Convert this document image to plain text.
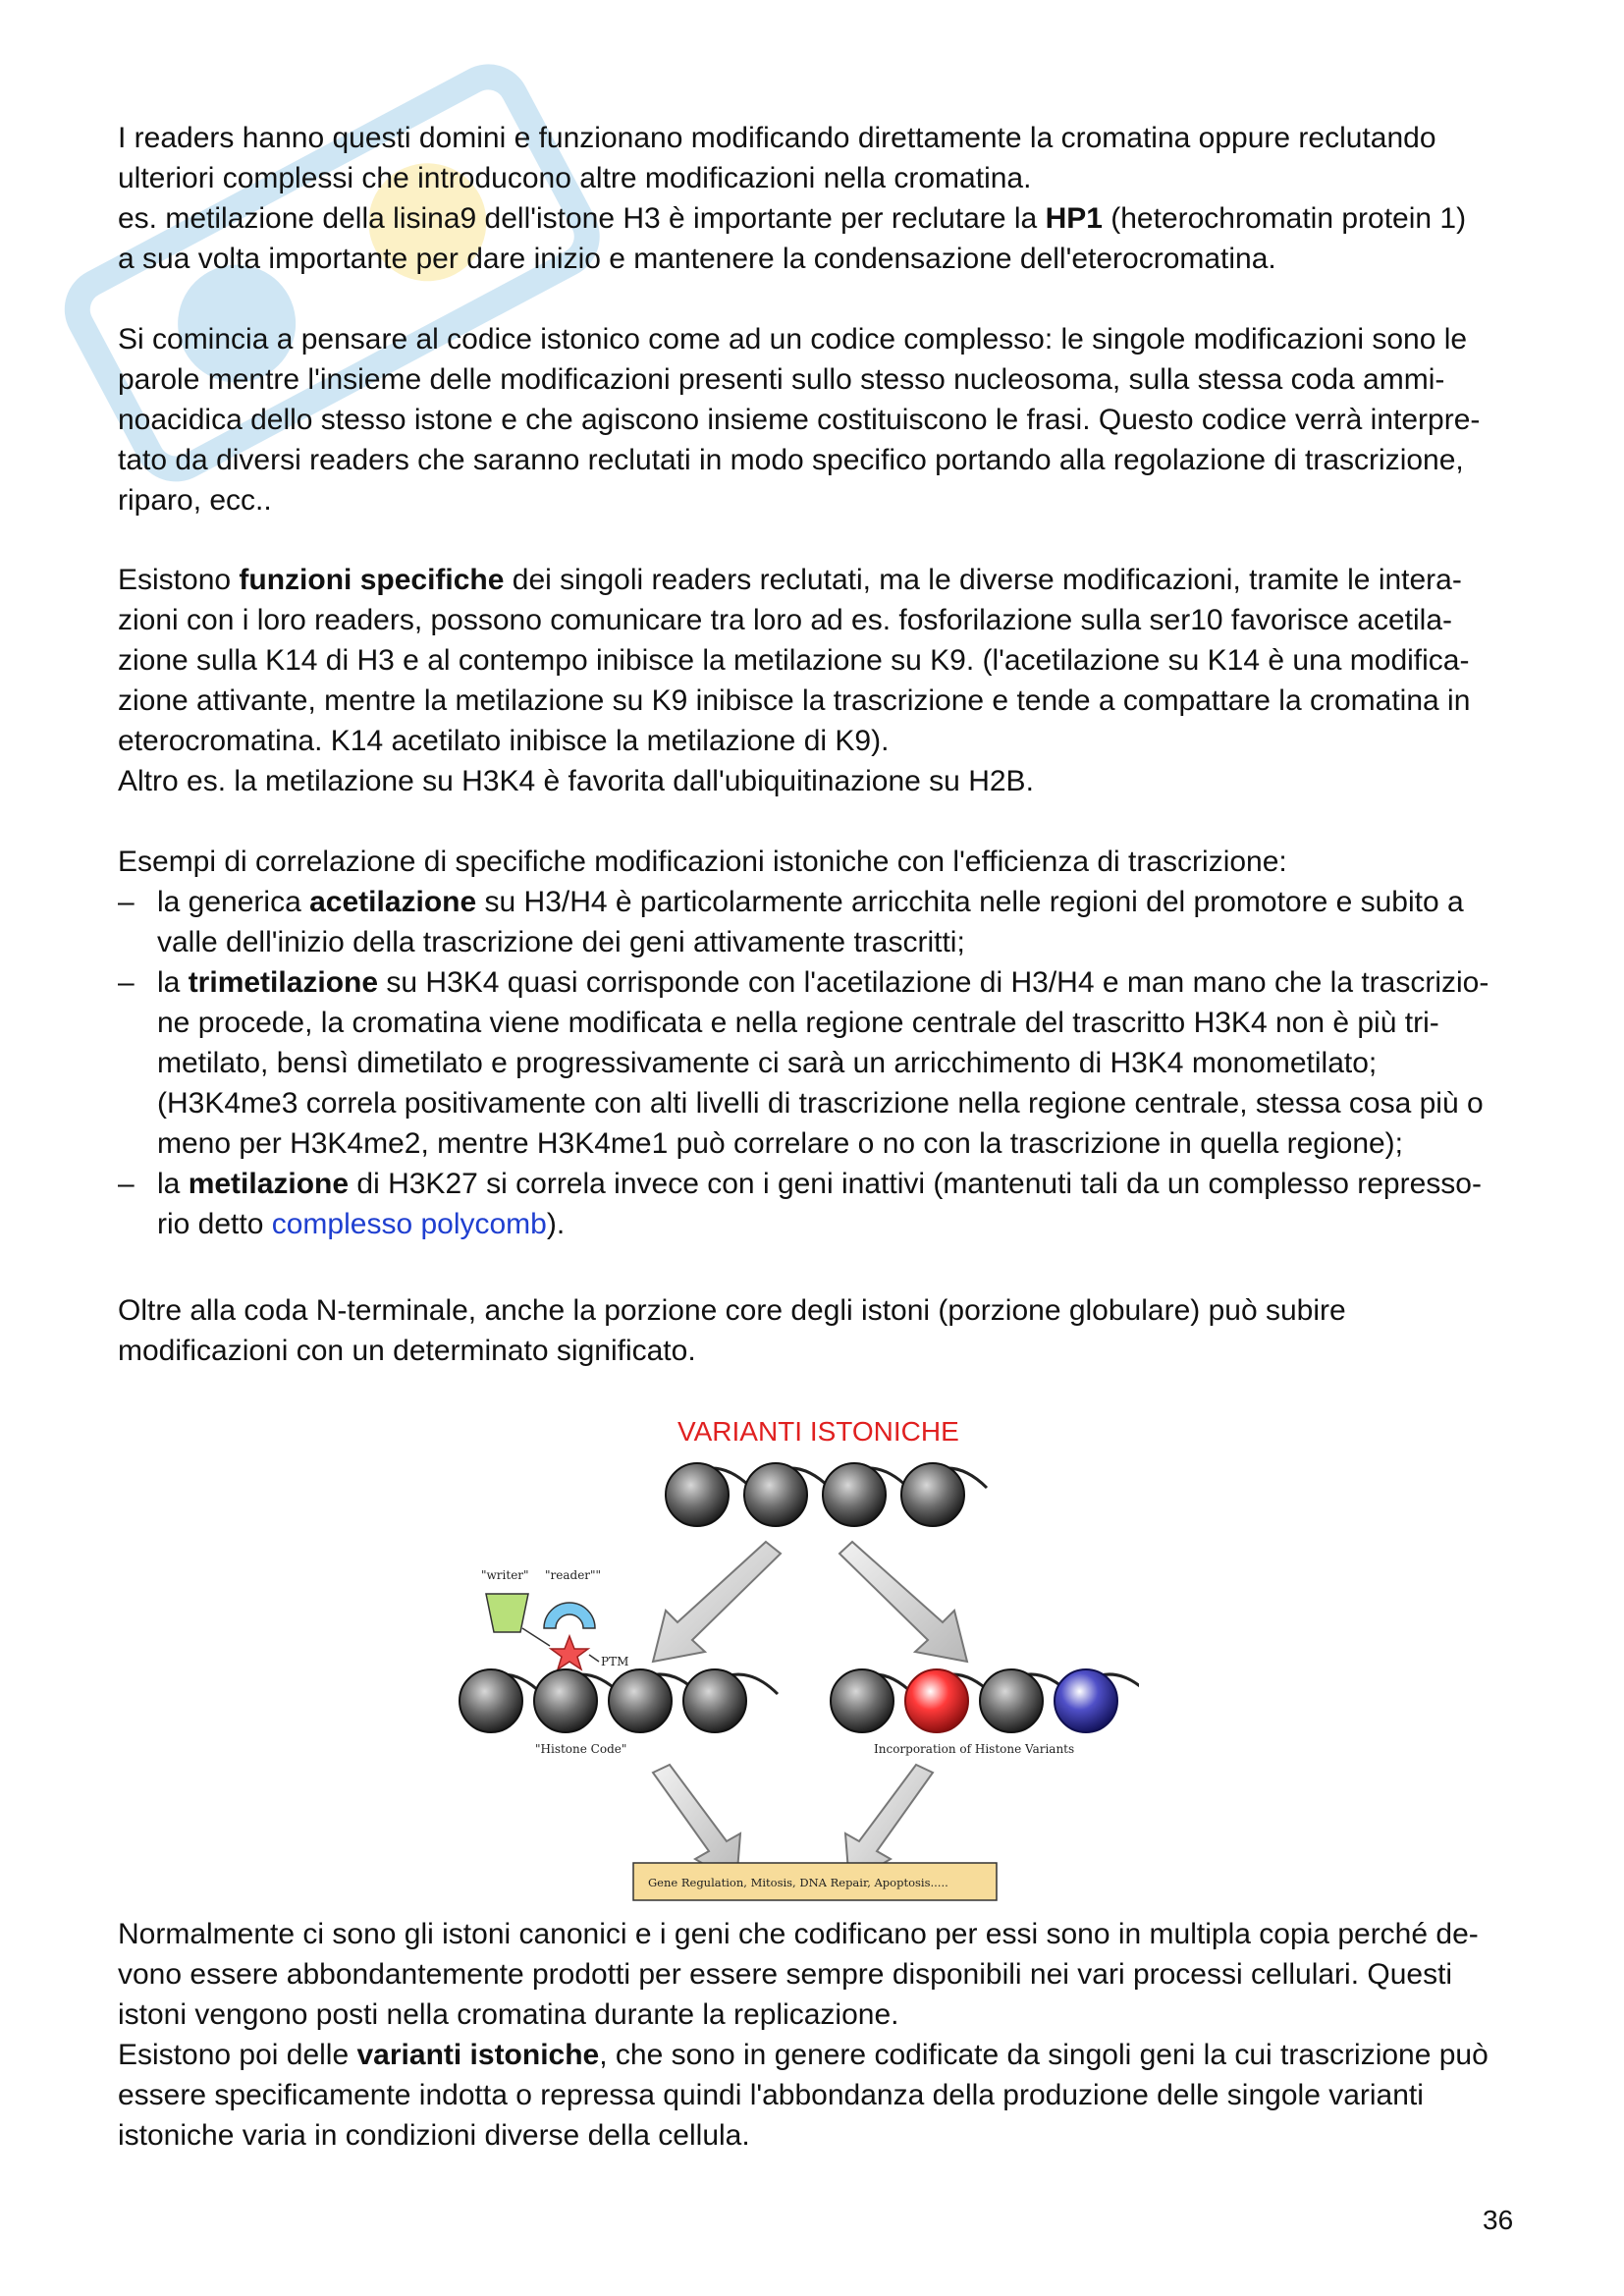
I readers hanno questi domini e funzionano modificando direttamente la cromatina oppure reclutando

ulteriori complessi che introducono altre modificazioni nella cromatina.

es. metilazione della lisina9 dell'istone H3 è importante per reclutare la HP1 (heterochromatin protein 1)

a sua volta importante per dare inizio e mantenere la condensazione dell'eterocromatina.

Si comincia a pensare al codice istonico come ad un codice complesso: le singole modificazioni sono le

parole mentre l'insieme delle modificazioni presenti sullo stesso nucleosoma, sulla stessa coda ammi-

noacidica dello stesso istone e che agiscono insieme costituiscono le frasi. Questo codice verrà interpre-

tato da diversi readers che saranno reclutati in modo specifico portando alla regolazione di trascrizione,

riparo, ecc..

Esistono funzioni specifiche dei singoli readers reclutati, ma le diverse modificazioni, tramite le intera-

zioni con i loro readers, possono comunicare tra loro ad es. fosforilazione sulla ser10 favorisce acetila-

zione sulla K14 di H3 e al contempo inibisce la metilazione su K9. (l'acetilazione su K14 è una modifica-

zione attivante, mentre la metilazione su K9 inibisce la trascrizione e tende a compattare la cromatina in

eterocromatina. K14 acetilato inibisce la metilazione di K9).

Altro es. la metilazione su H3K4 è favorita dall'ubiquitinazione su H2B.

Esempi di correlazione di specifiche modificazioni istoniche con l'efficienza di trascrizione:

– la generica acetilazione su H3/H4 è particolarmente arricchita nelle regioni del promotore e subito a
valle dell'inizio della trascrizione dei geni attivamente trascritti;
– la trimetilazione su H3K4 quasi corrisponde con l'acetilazione di H3/H4 e man mano che la trascrizio-
ne procede, la cromatina viene modificata e nella regione centrale del trascritto H3K4 non è più tri-
metilato, bensì dimetilato e progressivamente ci sarà un arricchimento di H3K4 monometilato;
(H3K4me3 correla positivamente con alti livelli di trascrizione nella regione centrale, stessa cosa più o
meno per H3K4me2, mentre H3K4me1 può correlare o no con la trascrizione in quella regione);
– la metilazione di H3K27 si correla invece con i geni inattivi (mantenuti tali da un complesso represso-
rio detto complesso polycomb).

Oltre alla coda N-terminale, anche la porzione core degli istoni (porzione globulare) può subire

modificazioni con un determinato significato.

VARIANTI ISTONICHE
"writer" "reader""
PTM
"Histone Code"	Incorporation of Histone Variants
Gene Regulation, Mitosis, DNA Repair, Apoptosis.....

Normalmente ci sono gli istoni canonici e i geni che codificano per essi sono in multipla copia perché de-

vono essere abbondantemente prodotti per essere sempre disponibili nei vari processi cellulari. Questi

istoni vengono posti nella cromatina durante la replicazione.

Esistono poi delle varianti istoniche, che sono in genere codificate da singoli geni la cui trascrizione può

essere specificamente indotta o repressa quindi l'abbondanza della produzione delle singole varianti

istoniche varia in condizioni diverse della cellula.

36
